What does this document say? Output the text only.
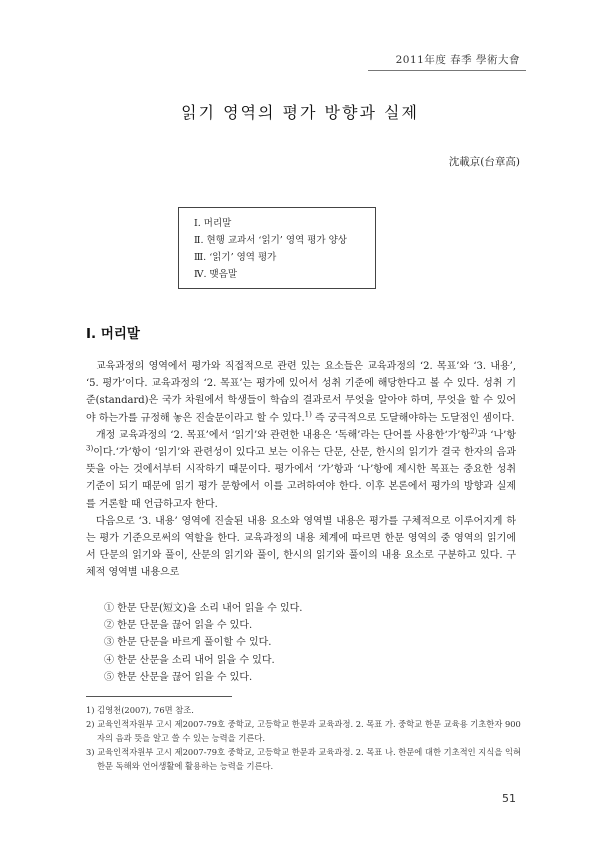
2011年度 春季 學術大會
읽기 영역의 평가 방향과 실제
沈載京(台章高)
Ⅰ. 머리말
Ⅱ. 현행 교과서 ‘읽기’ 영역 평가 양상
Ⅲ. ‘읽기’ 영역 평가
Ⅳ. 맺음말
Ⅰ. 머리말

교육과정의 영역에서 평가와 직접적으로 관련 있는 요소들은 교육과정의 ‘2. 목표’와 ‘3. 내용’, ‘5. 평가’이다. 교육과정의 ‘2. 목표’는 평가에 있어서 성취 기준에 해당한다고 볼 수 있다. 성취 기준(standard)은 국가 차원에서 학생들이 학습의 결과로서 무엇을 알아야 하며, 무엇을 할 수 있어야 하는가를 규정해 놓은 진술문이라고 할 수 있다.$^{1)}$ 즉 궁극적으로 도달해야하는 도달점인 셈이다.

개정 교육과정의 ‘2. 목표’에서 ‘읽기’와 관련한 내용은 ‘독해’라는 단어를 사용한‘가’항$^{2)}$과 ‘나’항$^{3)}$이다.‘가’항이 ‘읽기’와 관련성이 있다고 보는 이유는 단문, 산문, 한시의 읽기가 결국 한자의 음과 뜻을 아는 것에서부터 시작하기 때문이다. 평가에서 ‘가’항과 ‘나’항에 제시한 목표는 중요한 성취 기준이 되기 때문에 읽기 평가 문항에서 이를 고려하여야 한다. 이후 본론에서 평가의 방향과 실제를 거론할 때 언급하고자 한다.

다음으로 ‘3. 내용’ 영역에 진술된 내용 요소와 영역별 내용은 평가를 구체적으로 이루어지게 하는 평가 기준으로써의 역할을 한다. 교육과정의 내용 체계에 따르면 한문 영역의 중 영역의 읽기에서 단문의 읽기와 풀이, 산문의 읽기와 풀이, 한시의 읽기와 풀이의 내용 요소로 구분하고 있다. 구체적 영역별 내용으로

① 한문 단문(短文)을 소리 내어 읽을 수 있다.
② 한문 단문을 끊어 읽을 수 있다.
③ 한문 단문을 바르게 풀이할 수 있다.
④ 한문 산문을 소리 내어 읽을 수 있다.
⑤ 한문 산문을 끊어 읽을 수 있다.

1) 김영천(2007), 76면 참조.

2) 교육인적자원부 고시 제2007-79호 중학교, 고등학교 한문과 교육과정. 2. 목표 가. 중학교 한문 교육용 기초한자 900자의 음과 뜻을 알고 쓸 수 있는 능력을 기른다.

3) 교육인적자원부 고시 제2007-79호 중학교, 고등학교 한문과 교육과정. 2. 목표 나. 한문에 대한 기초적인 지식을 익혀 한문 독해와 언어생활에 활용하는 능력을 기른다.

51
